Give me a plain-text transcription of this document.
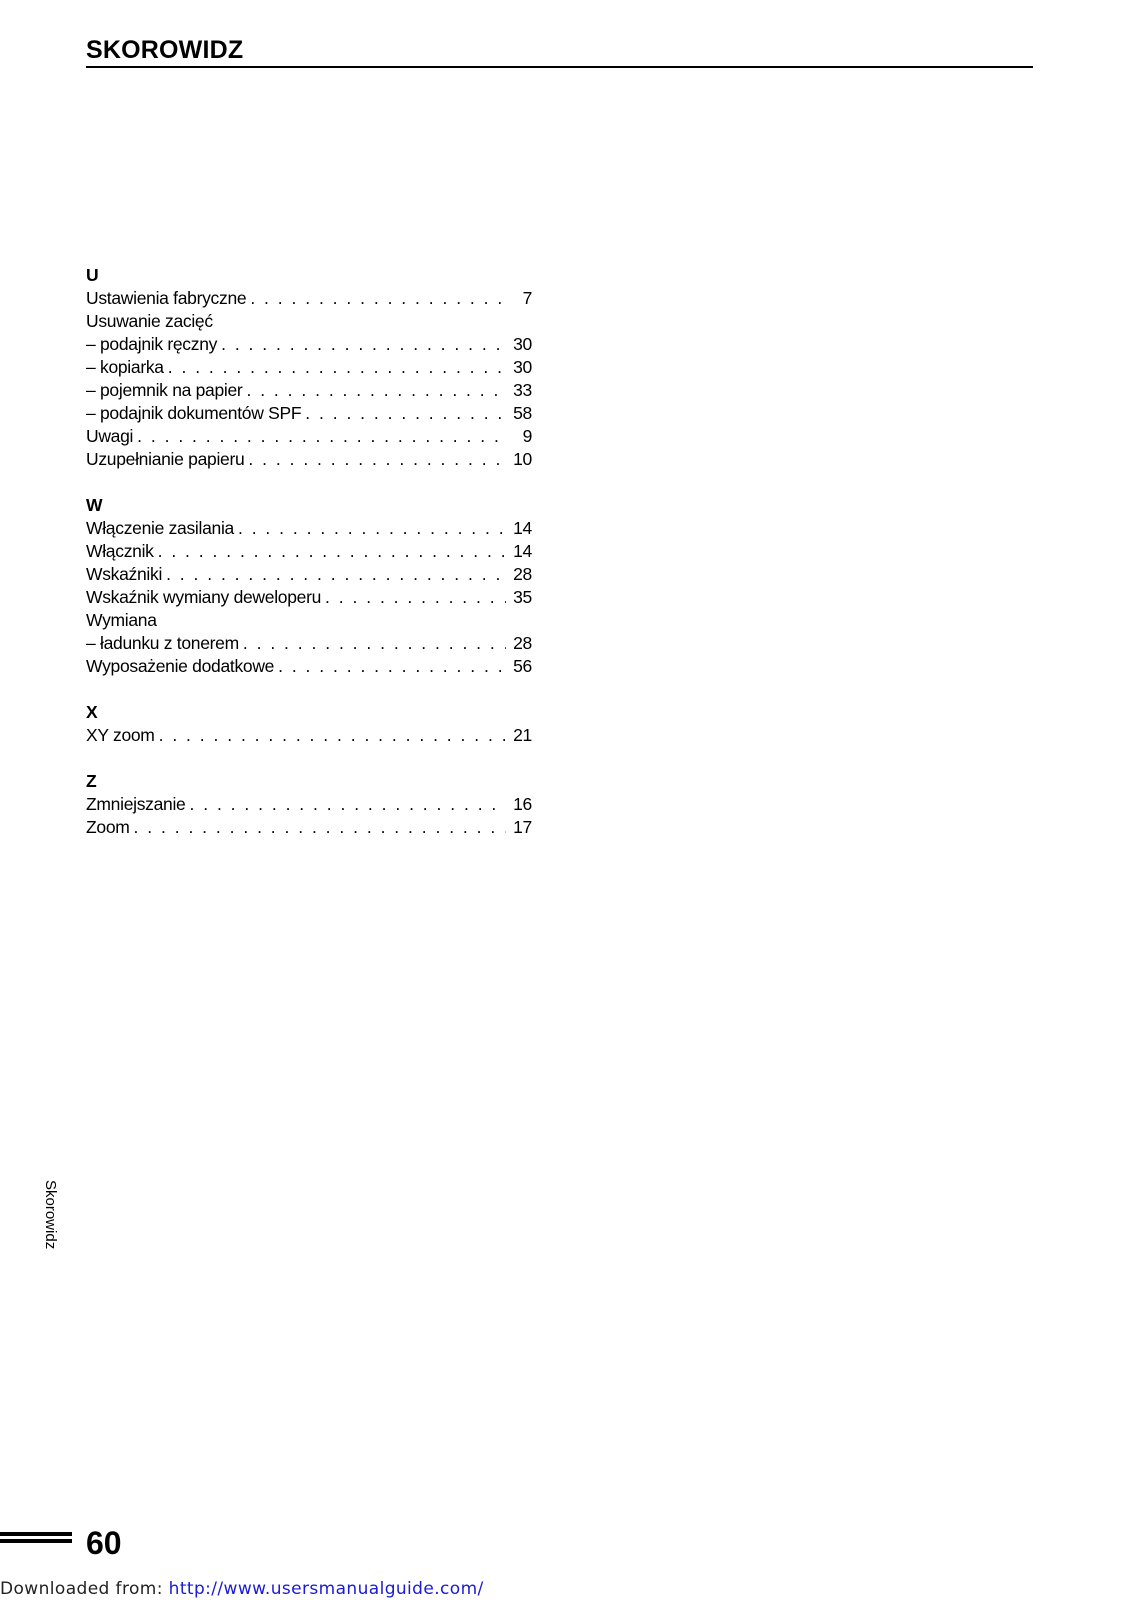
SKOROWIDZ
U
Ustawienia fabryczne . . .	7
Usuwanie zacięć
– podajnik ręczny . . .	30
– kopiarka . . .	30
– pojemnik na papier . . .	33
– podajnik dokumentów SPF . . .	58
Uwagi . . .	9
Uzupełnianie papieru . . .	10
W
Włączenie zasilania . . .	14
Włącznik . . .	14
Wskaźniki . . .	28
Wskaźnik wymiany deweloperu . . .	35
Wymiana
– ładunku z tonerem . . .	28
Wyposażenie dodatkowe . . .	56
X
XY zoom . . .	21
Z
Zmniejszanie . . .	16
Zoom . . .	17
Skorowidz
60
Downloaded from: http://www.usersmanualguide.com/
